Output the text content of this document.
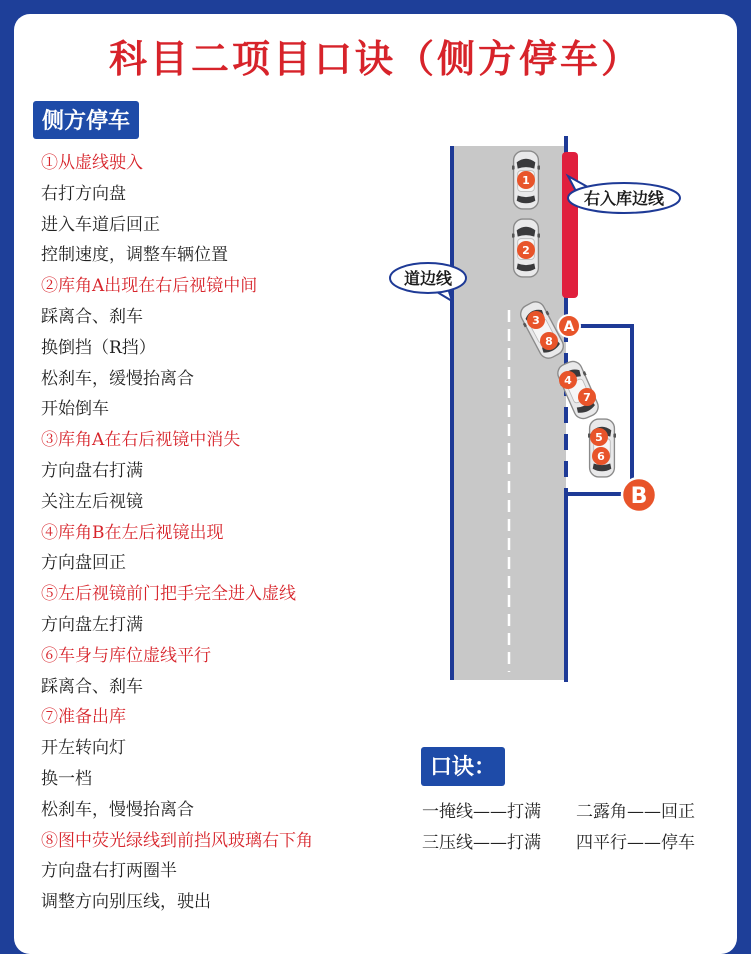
科目二项目口诀（侧方停车）
侧方停车
①从虚线驶入
右打方向盘
进入车道后回正
控制速度，调整车辆位置
②库角A出现在右后视镜中间
踩离合、刹车
换倒挡（R挡）
松刹车，缓慢抬离合
开始倒车
③库角A在右后视镜中消失
方向盘右打满
关注左后视镜
④库角B在左后视镜出现
方向盘回正
⑤左后视镜前门把手完全进入虚线
方向盘左打满
⑥车身与库位虚线平行
踩离合、刹车
⑦准备出库
开左转向灯
换一档
松刹车，慢慢抬离合
⑧图中荧光绿线到前挡风玻璃右下角
方向盘右打两圈半
调整方向别压线，驶出
1
2
3
8
4
7
5
6
A
B
道边线
右入库边线
口诀：
一掩线——打满 二露角——回正
三压线——打满 四平行——停车
